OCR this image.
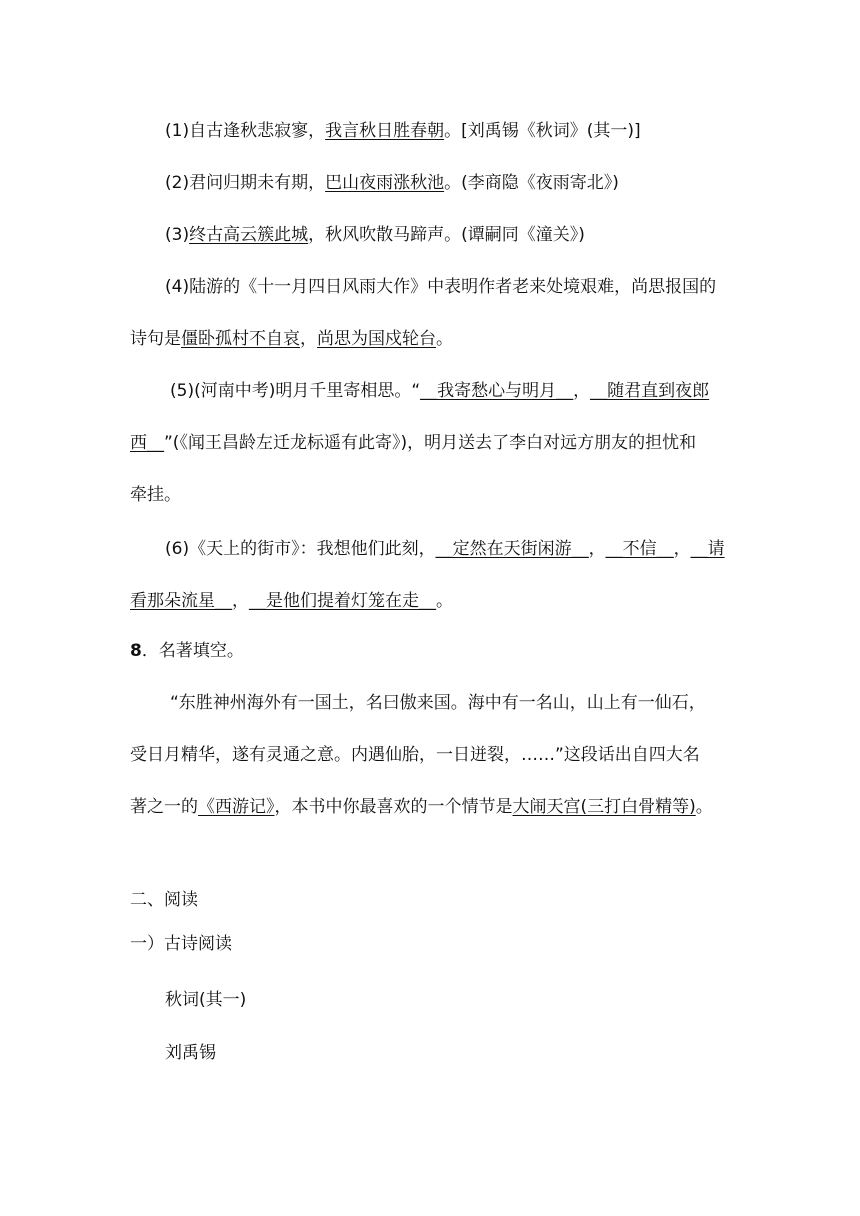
(1)自古逢秋悲寂寥，我言秋日胜春朝。[刘禹锡《秋词》(其一)]
(2)君问归期未有期，巴山夜雨涨秋池。(李商隐《夜雨寄北》)
(3)终古高云簇此城，秋风吹散马蹄声。(谭嗣同《潼关》)
(4)陆游的《十一月四日风雨大作》中表明作者老来处境艰难，尚思报国的
诗句是僵卧孤村不自哀，尚思为国戍轮台。
(5)(河南中考)明月千里寄相思。“__我寄愁心与明月__，__随君直到夜郎
西__”(《闻王昌龄左迁龙标遥有此寄》)，明月送去了李白对远方朋友的担忧和
牵挂。
(6)《天上的街市》：我想他们此刻，__定然在天街闲游__，__不信__，__请
看那朵流星__，__是他们提着灯笼在走__。
8．名著填空。
“东胜神州海外有一国土，名曰傲来国。海中有一名山，山上有一仙石，
受日月精华，遂有灵通之意。内遇仙胎，一日迸裂，……”这段话出自四大名
著之一的《西游记》，本书中你最喜欢的一个情节是大闹天宫(三打白骨精等)。
二、阅读
一）古诗阅读
秋词(其一)
刘禹锡
